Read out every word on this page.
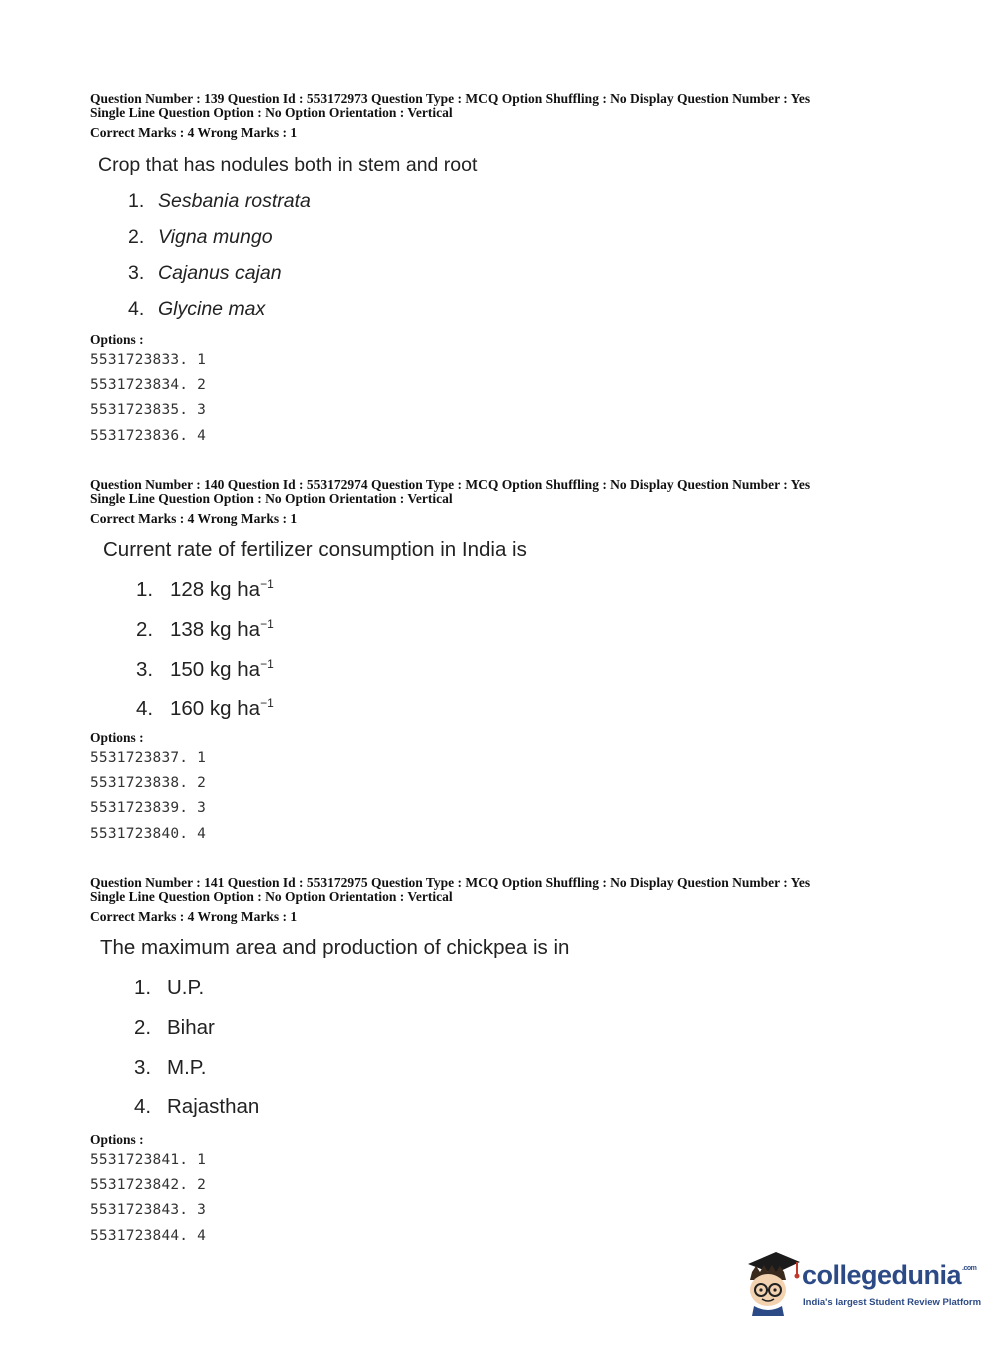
Question Number : 139 Question Id : 553172973 Question Type : MCQ Option Shuffling : No Display Question Number : Yes
Single Line Question Option : No Option Orientation : Vertical
Correct Marks : 4 Wrong Marks : 1
Crop that has nodules both in stem and root
1. Sesbania rostrata
2. Vigna mungo
3. Cajanus cajan
4. Glycine max
Options :
5531723833. 1
5531723834. 2
5531723835. 3
5531723836. 4
Question Number : 140 Question Id : 553172974 Question Type : MCQ Option Shuffling : No Display Question Number : Yes
Single Line Question Option : No Option Orientation : Vertical
Correct Marks : 4 Wrong Marks : 1
Current rate of fertilizer consumption in India is
1. 128 kg $ha^{-1}$
2. 138 kg $ha^{-1}$
3. 150 kg $ha^{-1}$
4. 160 kg $ha^{-1}$
Options :
5531723837. 1
5531723838. 2
5531723839. 3
5531723840. 4
Question Number : 141 Question Id : 553172975 Question Type : MCQ Option Shuffling : No Display Question Number : Yes
Single Line Question Option : No Option Orientation : Vertical
Correct Marks : 4 Wrong Marks : 1
The maximum area and production of chickpea is in
1. U.P.
2. Bihar
3. M.P.
4. Rajasthan
Options :
5531723841. 1
5531723842. 2
5531723843. 3
5531723844. 4
collegedunia$^{.com}$
India's largest Student Review Platform
